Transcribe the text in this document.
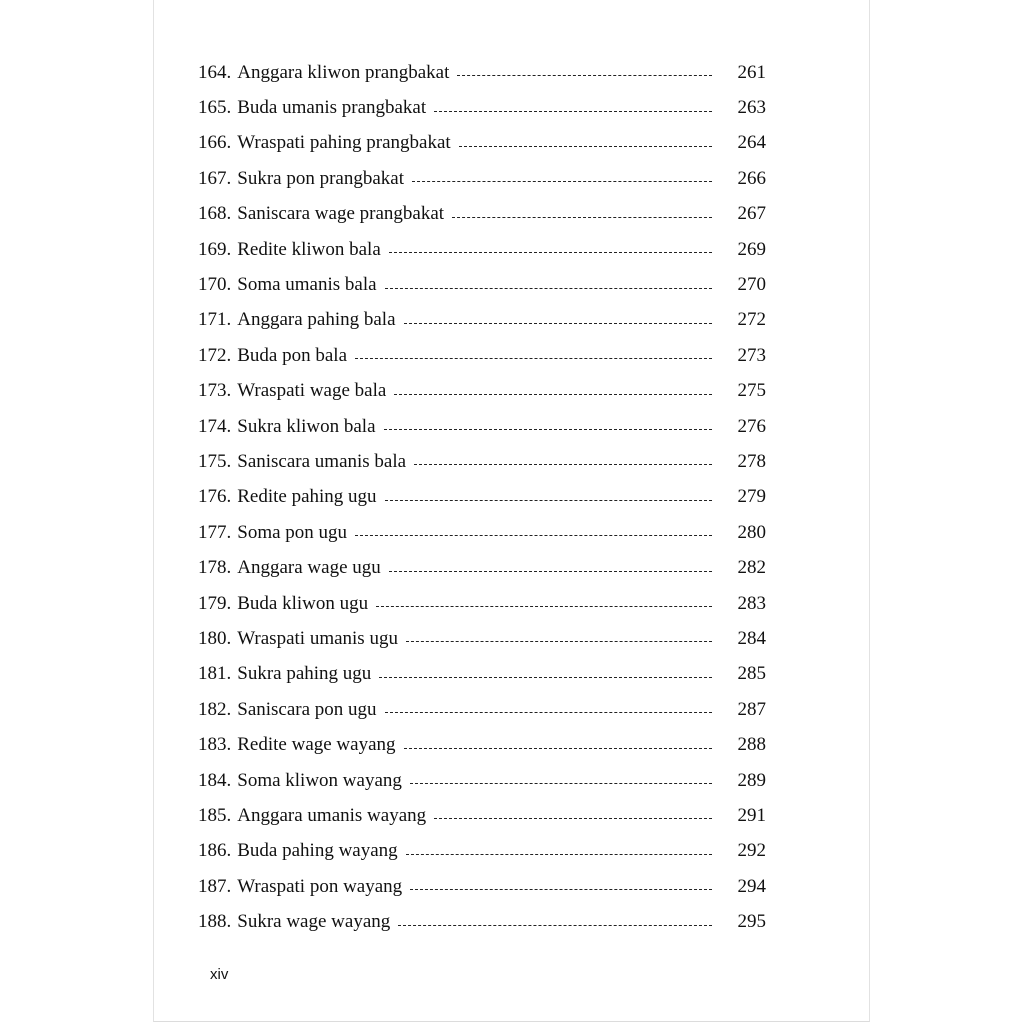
164. Anggara kliwon prangbakat	261
165. Buda umanis prangbakat	263
166. Wraspati pahing prangbakat	264
167. Sukra pon prangbakat	266
168. Saniscara wage prangbakat	267
169. Redite kliwon bala	269
170. Soma umanis bala	270
171. Anggara pahing bala	272
172. Buda pon bala	273
173. Wraspati wage bala	275
174. Sukra kliwon bala	276
175. Saniscara umanis bala	278
176. Redite pahing ugu	279
177. Soma pon ugu	280
178. Anggara wage ugu	282
179. Buda kliwon ugu	283
180. Wraspati umanis ugu	284
181. Sukra pahing ugu	285
182. Saniscara pon ugu	287
183. Redite wage wayang	288
184. Soma kliwon wayang	289
185. Anggara umanis wayang	291
186. Buda pahing wayang	292
187. Wraspati pon wayang	294
188. Sukra wage wayang	295
xiv
